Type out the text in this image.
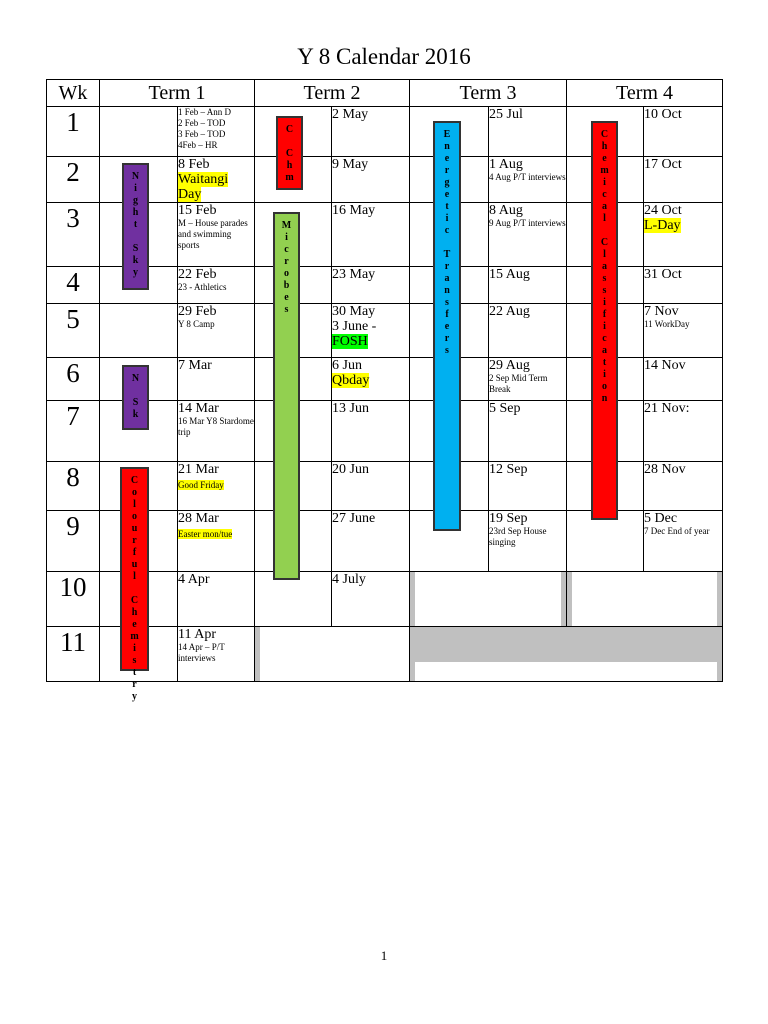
Y 8 Calendar 2016
Wk	Term 1		Term 2		Term 3		Term 4	
1		1 Feb – Ann D
2 Feb – TOD
3 Feb – TOD
4Feb – HR		2 May		25 Jul		10 Oct

2		8 Feb
Waitangi Day		9 May		1 Aug
4 Aug P/T interviews		17 Oct

3		15 Feb
M – House parades and swimming sports		16 May		8 Aug
9 Aug P/T interviews		24 Oct
L-Day
4		22 Feb
23 - Athletics		23 May		15 Aug		31 Oct

5		29 Feb
Y 8 Camp		30 May
3 June -
FOSH		22 Aug		7 Nov
11 WorkDay

6		7 Mar		6 Jun
Qbday		29 Aug
2 Sep Mid Term Break		14 Nov

7		14 Mar
16 Mar Y8 Stardome trip		13 Jun		5 Sep		21 Nov:

8		21 Mar
Good Friday		20 Jun		12 Sep		28 Nov

9		28 Mar
Easter mon/tue		27 June		19 Sep
23rd Sep House singing		5 Dec
7 Dec End of year

10		4 Apr		4 July				

11		11 Apr
14 Apr – P/T interviews						

N
i
g
h
t

S
k
y
N

S
k
C
o
l
o
u
r
f
u
l

C
h
e
m
i
s
t
r
y
C

C
h
m
M
i
c
r
o
b
e
s
E
n
e
r
g
e
t
i
c

T
r
a
n
s
f
e
r
s
C
h
e
m
i
c
a
l

C
l
a
s
s
i
f
i
c
a
t
i
o
n
1
